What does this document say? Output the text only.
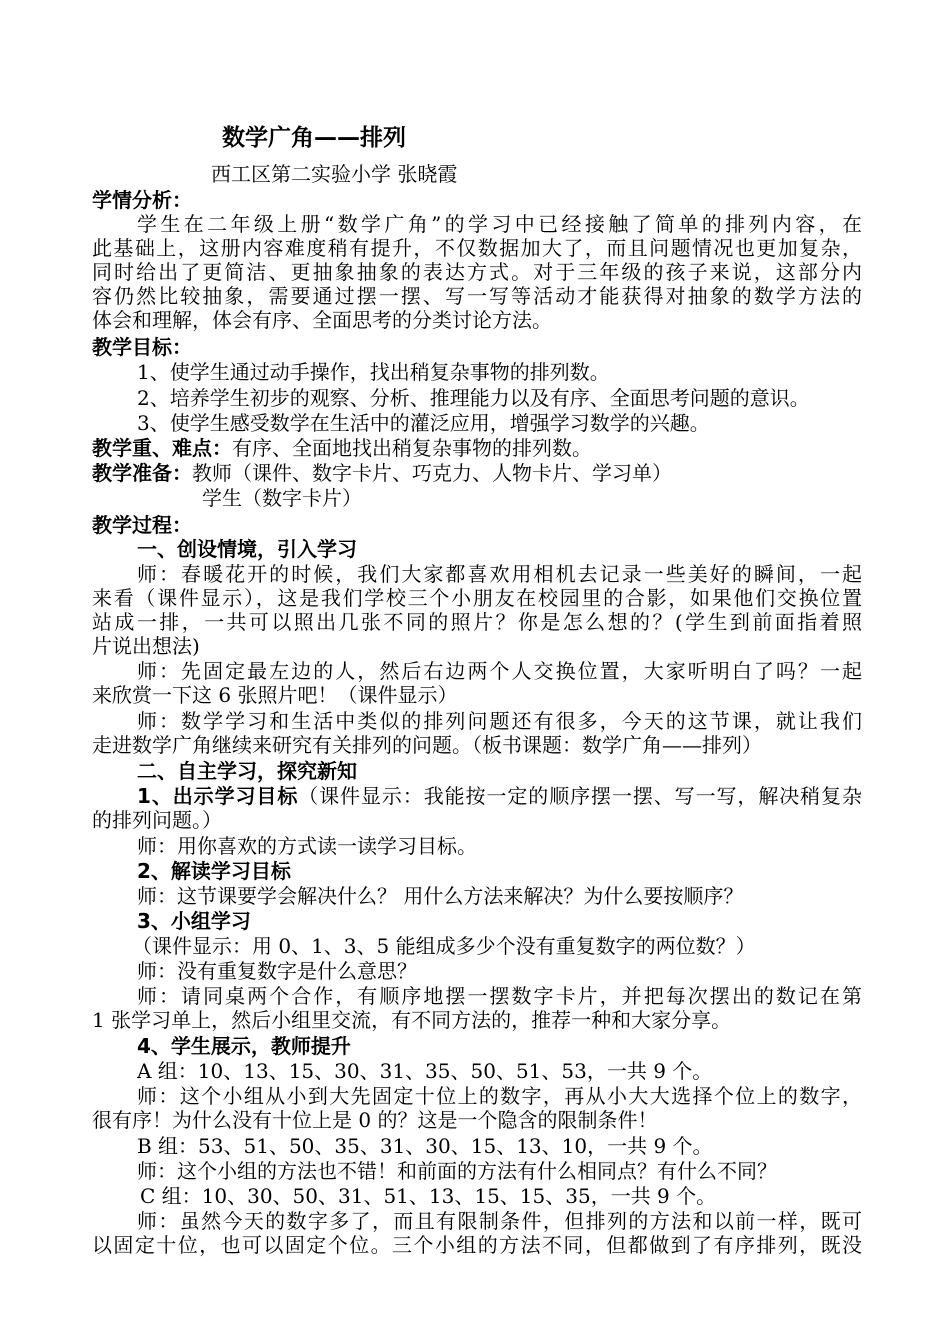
数学广角——排列
西工区第二实验小学 张晓霞
学情分析：
学生在二年级上册“数学广角”的学习中已经接触了简单的排列内容，在
此基础上，这册内容难度稍有提升，不仅数据加大了，而且问题情况也更加复杂，
同时给出了更简洁、更抽象抽象的表达方式。对于三年级的孩子来说，这部分内
容仍然比较抽象，需要通过摆一摆、写一写等活动才能获得对抽象的数学方法的
体会和理解，体会有序、全面思考的分类讨论方法。
教学目标：
1、使学生通过动手操作，找出稍复杂事物的排列数。
2、培养学生初步的观察、分析、推理能力以及有序、全面思考问题的意识。
3、使学生感受数学在生活中的灌泛应用，增强学习数学的兴趣。
教学重、难点：有序、全面地找出稍复杂事物的排列数。
教学准备：教师（课件、数字卡片、巧克力、人物卡片、学习单）
学生（数字卡片）
教学过程：
一、创设情境，引入学习
师：春暖花开的时候，我们大家都喜欢用相机去记录一些美好的瞬间，一起
来看（课件显示），这是我们学校三个小朋友在校园里的合影，如果他们交换位置
站成一排，一共可以照出几张不同的照片？你是怎么想的？(学生到前面指着照
片说出想法)
师：先固定最左边的人，然后右边两个人交换位置，大家听明白了吗？一起
来欣赏一下这 6 张照片吧！（课件显示）
师：数学学习和生活中类似的排列问题还有很多，今天的这节课，就让我们
走进数学广角继续来研究有关排列的问题。（板书课题：数学广角——排列）
二、自主学习，探究新知
1、出示学习目标（课件显示：我能按一定的顺序摆一摆、写一写，解决稍复杂
的排列问题。）
师：用你喜欢的方式读一读学习目标。
2、解读学习目标
师：这节课要学会解决什么？ 用什么方法来解决？为什么要按顺序？
3、小组学习
（课件显示：用 0、1、3、5 能组成多少个没有重复数字的两位数？）
师：没有重复数字是什么意思？
师：请同桌两个合作，有顺序地摆一摆数字卡片，并把每次摆出的数记在第
1 张学习单上，然后小组里交流，有不同方法的，推荐一种和大家分享。
4、学生展示，教师提升
A 组：10、13、15、30、31、35、50、51、53，一共 9 个。
师：这个小组从小到大先固定十位上的数字，再从小大大选择个位上的数字，
很有序！为什么没有十位上是 0 的？这是一个隐含的限制条件！
B 组：53、51、50、35、31、30、15、13、10，一共 9 个。
师：这个小组的方法也不错！和前面的方法有什么相同点？有什么不同？
C 组：10、30、50、31、51、13、15、15、35，一共 9 个。
师：虽然今天的数字多了，而且有限制条件，但排列的方法和以前一样，既可
以固定十位，也可以固定个位。三个小组的方法不同，但都做到了有序排列，既没
